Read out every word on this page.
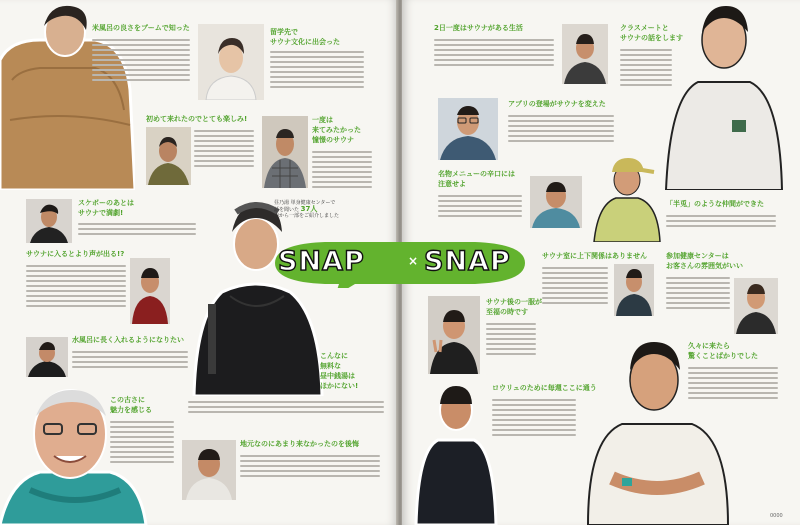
米風呂の良さをブームで知った	留学先で
サウナ文化に出会った
初めて来れたのでとても楽しみ!	一度は
来てみたかった
憧憬のサウナ
スケボーのあとは
サウナで満劇!
サウナに入るとより声が出る!?
水風呂に長く入れるようになりたい
昼乃湯 単身健康センターで
話を聞いた 37人
中から一部をご紹介しました
こんなに
無料な
昼中銭湯は
ほかにない!
この古さに
魅力を感じる
地元なのにあまり来なかったのを後悔
2日一度はサウナがある生活	クラスメートと
サウナの話をします
アプリの登場がサウナを変えた
名物メニューの辛口には
注意せよ
「半兎」のような仲間ができた
サウナ室に上下関係はありません	参加健康センターは
お客さんの雰囲気がいい
サウナ後の一服が
至福の時です
久々に来たら
驚くことばかりでした
ロウリュのために毎週ここに通う
0000
SNAP	× SNAP
